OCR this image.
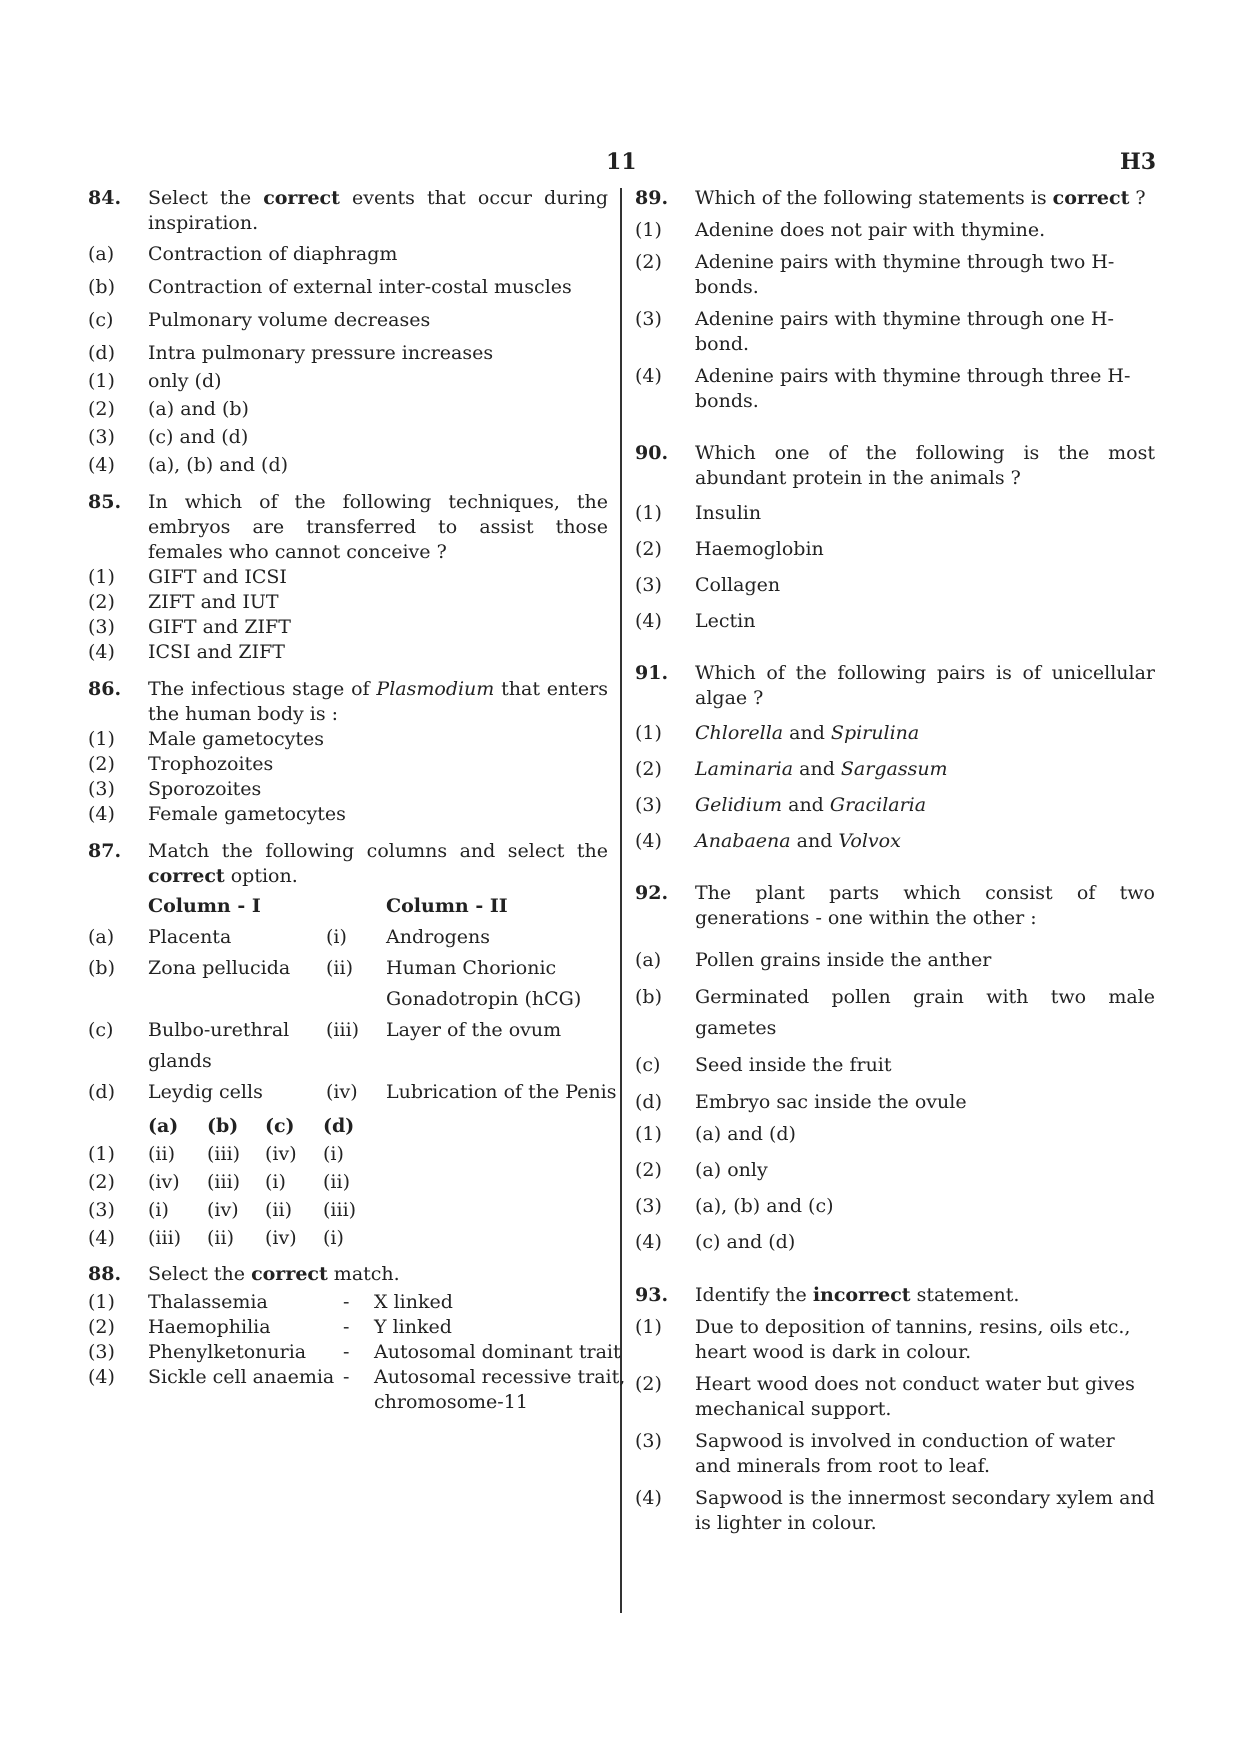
11	H3
84. Select the correct events that occur during inspiration.
(a) Contraction of diaphragm
(b) Contraction of external inter-costal muscles
(c) Pulmonary volume decreases
(d) Intra pulmonary pressure increases
(1) only (d)
(2) (a) and (b)
(3) (c) and (d)
(4) (a), (b) and (d)
85. In which of the following techniques, the embryos are transferred to assist those females who cannot conceive ?
(1) GIFT and ICSI
(2) ZIFT and IUT
(3) GIFT and ZIFT
(4) ICSI and ZIFT
86. The infectious stage of Plasmodium that enters the human body is :
(1) Male gametocytes
(2) Trophozoites
(3) Sporozoites
(4) Female gametocytes
87. Match the following columns and select the correct option.
	Column - I		Column - II
(a)	Placenta	(i)	Androgens
(b)	Zona pellucida	(ii)	Human Chorionic Gonadotropin (hCG)
(c)	Bulbo-urethral glands	(iii)	Layer of the ovum
(d)	Leydig cells	(iv)	Lubrication of the Penis
	(a)	(b)	(c)	(d)
(1)	(ii)	(iii)	(iv)	(i)
(2)	(iv)	(iii)	(i)	(ii)
(3)	(i)	(iv)	(ii)	(iii)
(4)	(iii)	(ii)	(iv)	(i)
88. Select the correct match.
(1)	Thalassemia	-	X linked
(2)	Haemophilia	-	Y linked
(3)	Phenylketonuria	-	Autosomal dominant trait
(4)	Sickle cell anaemia	-	Autosomal recessive trait, chromosome-11
89. Which of the following statements is correct ?
(1) Adenine does not pair with thymine.
(2) Adenine pairs with thymine through two H-bonds.
(3) Adenine pairs with thymine through one H-bond.
(4) Adenine pairs with thymine through three H-bonds.
90. Which one of the following is the most abundant protein in the animals ?
(1) Insulin
(2) Haemoglobin
(3) Collagen
(4) Lectin
91. Which of the following pairs is of unicellular algae ?
(1) Chlorella and Spirulina
(2) Laminaria and Sargassum
(3) Gelidium and Gracilaria
(4) Anabaena and Volvox
92. The plant parts which consist of two generations - one within the other :
(a) Pollen grains inside the anther
(b) Germinated pollen grain with two male gametes
(c) Seed inside the fruit
(d) Embryo sac inside the ovule
(1) (a) and (d)
(2) (a) only
(3) (a), (b) and (c)
(4) (c) and (d)
93. Identify the incorrect statement.
(1) Due to deposition of tannins, resins, oils etc., heart wood is dark in colour.
(2) Heart wood does not conduct water but gives mechanical support.
(3) Sapwood is involved in conduction of water and minerals from root to leaf.
(4) Sapwood is the innermost secondary xylem and is lighter in colour.
